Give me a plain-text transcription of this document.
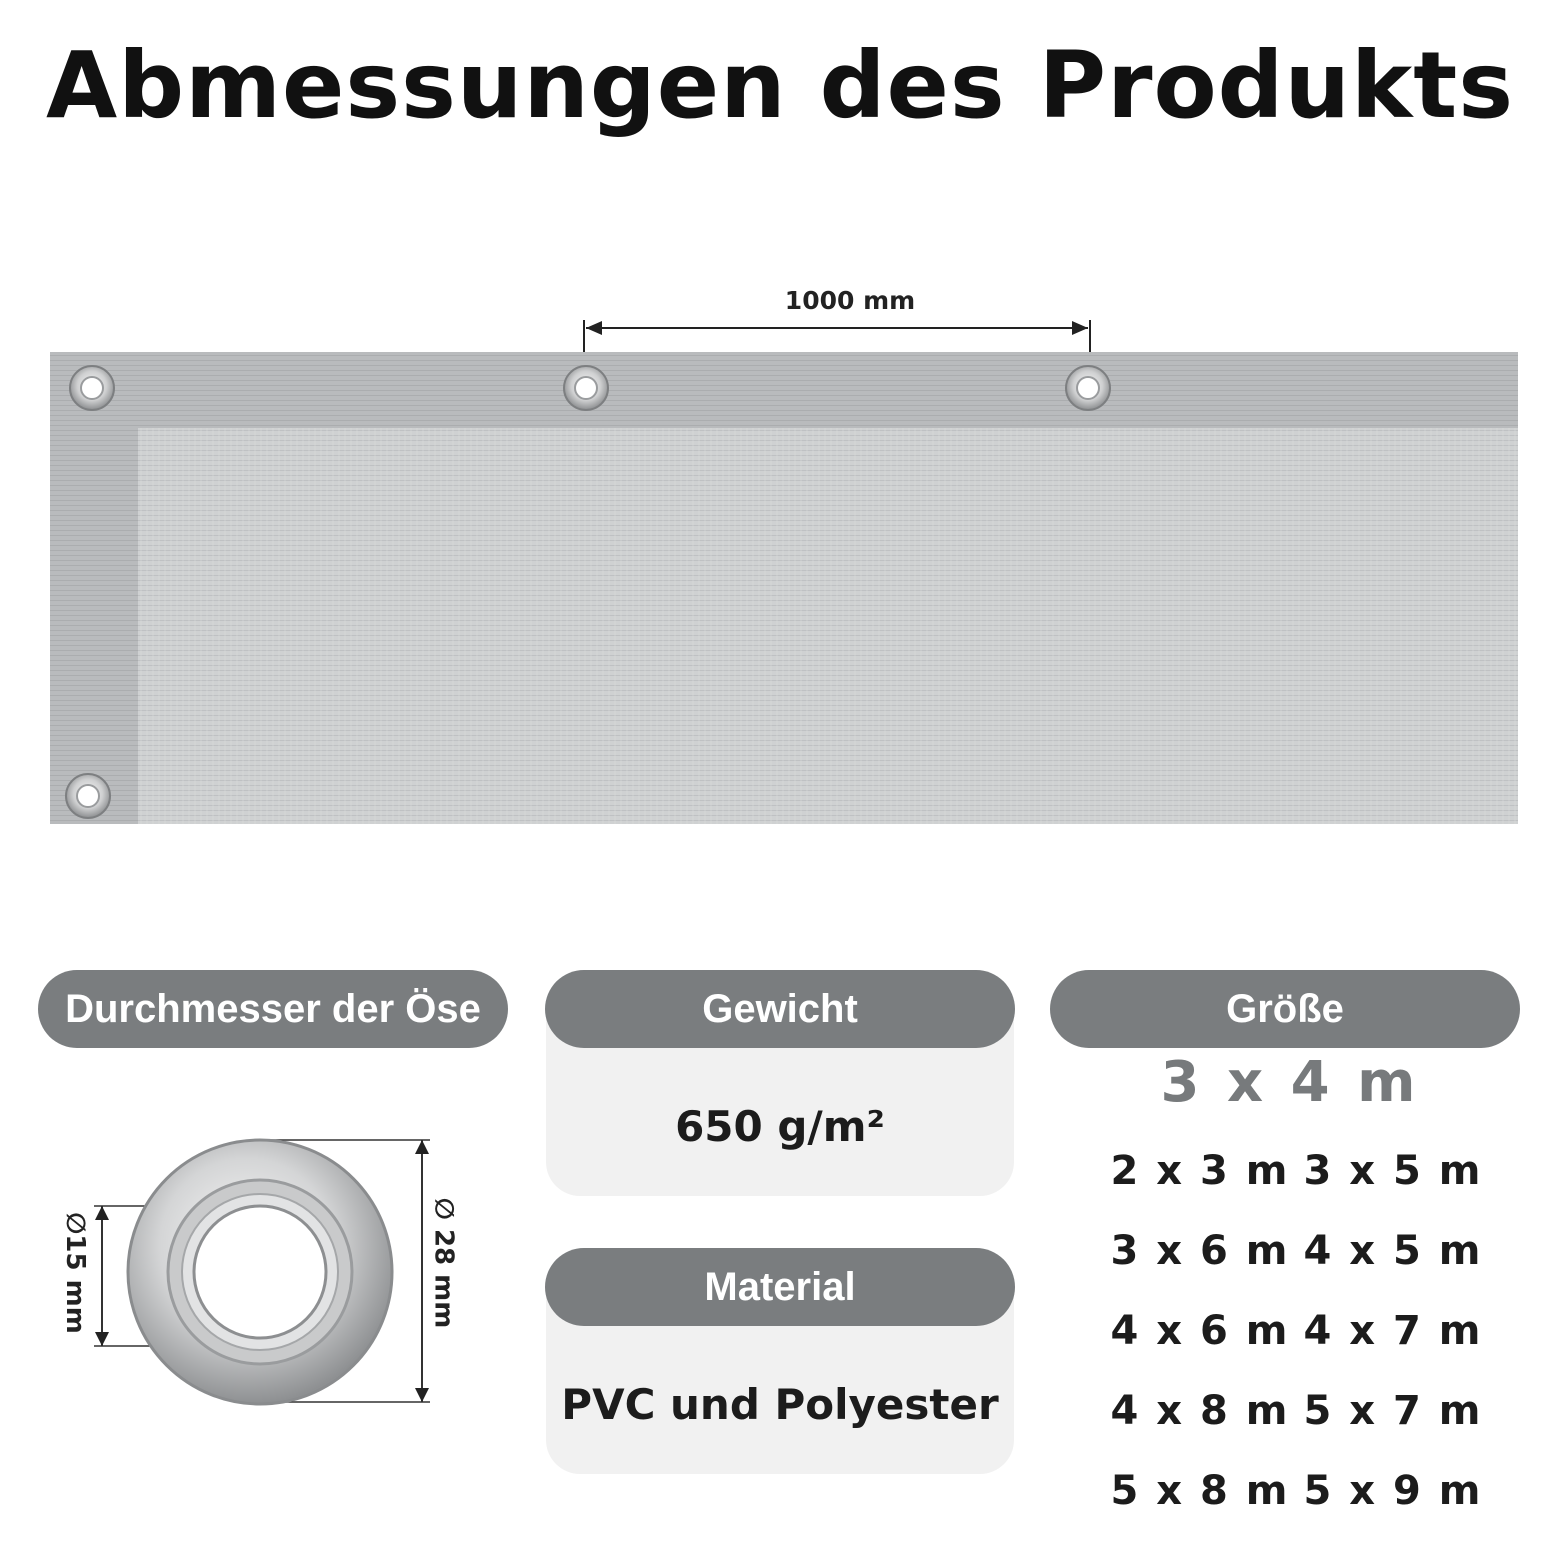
Abmessungen des Produkts
1000 mm
Durchmesser der Öse
∅15 mm	∅ 28 mm
650 g/m²
Gewicht
PVC und Polyester
Material
Größe
3 x 4 m
2 x 3 m 3 x 5 m
3 x 6 m 4 x 5 m
4 x 6 m 4 x 7 m
4 x 8 m 5 x 7 m
5 x 8 m 5 x 9 m
